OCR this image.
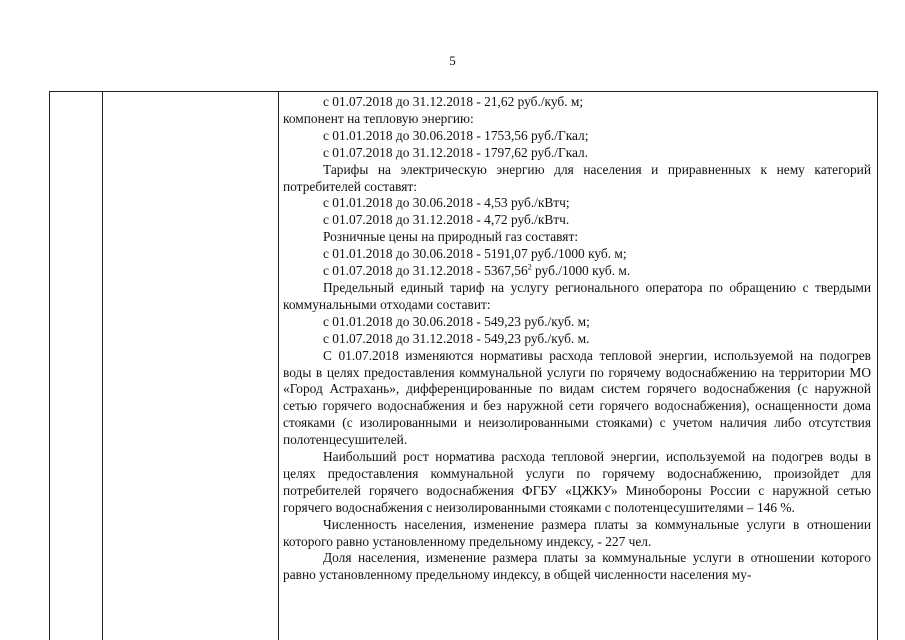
5

с 01.07.2018 до 31.12.2018 - 21,62 руб./куб. м;

компонент на тепловую энергию:

с 01.01.2018 до 30.06.2018 - 1753,56 руб./Гкал;

с 01.07.2018 до 31.12.2018 - 1797,62 руб./Гкал.

Тарифы на электрическую энергию для населения и приравненных к нему категорий потребителей составят:

с 01.01.2018 до 30.06.2018 - 4,53 руб./кВтч;

с 01.07.2018 до 31.12.2018 - 4,72 руб./кВтч.

Розничные цены на природный газ составят:

с 01.01.2018 до 30.06.2018 - 5191,07 руб./1000 куб. м;

с 01.07.2018 до 31.12.2018 - 5367,56$^2$ руб./1000 куб. м.

Предельный единый тариф на услугу регионального оператора по обращению с твердыми коммунальными отходами составит:

с 01.01.2018 до 30.06.2018 - 549,23 руб./куб. м;

с 01.07.2018 до 31.12.2018 - 549,23 руб./куб. м.

С 01.07.2018 изменяются нормативы расхода тепловой энергии, используемой на подогрев воды в целях предоставления коммунальной услуги по горячему водоснабжению на территории МО «Город Астрахань», дифференцированные по видам систем горячего водоснабжения (с наружной сетью горячего водоснабжения и без наружной сети горячего водоснабжения), оснащенности дома стояками (с изолированными и неизолированными стояками) с учетом наличия либо отсутствия полотенцесушителей.

Наибольший рост норматива расхода тепловой энергии, используемой на подогрев воды в целях предоставления коммунальной услуги по горячему водоснабжению, произойдет для потребителей горячего водоснабжения ФГБУ «ЦЖКУ» Минобороны России с наружной сетью горячего водоснабжения с неизолированными стояками с полотенцесушителями – 146 %.

Численность населения, изменение размера платы за коммунальные услуги в отношении которого равно установленному предельному индексу, - 227 чел.

Доля населения, изменение размера платы за коммунальные услуги в отношении которого равно установленному предельному индексу, в общей численности населения му-
